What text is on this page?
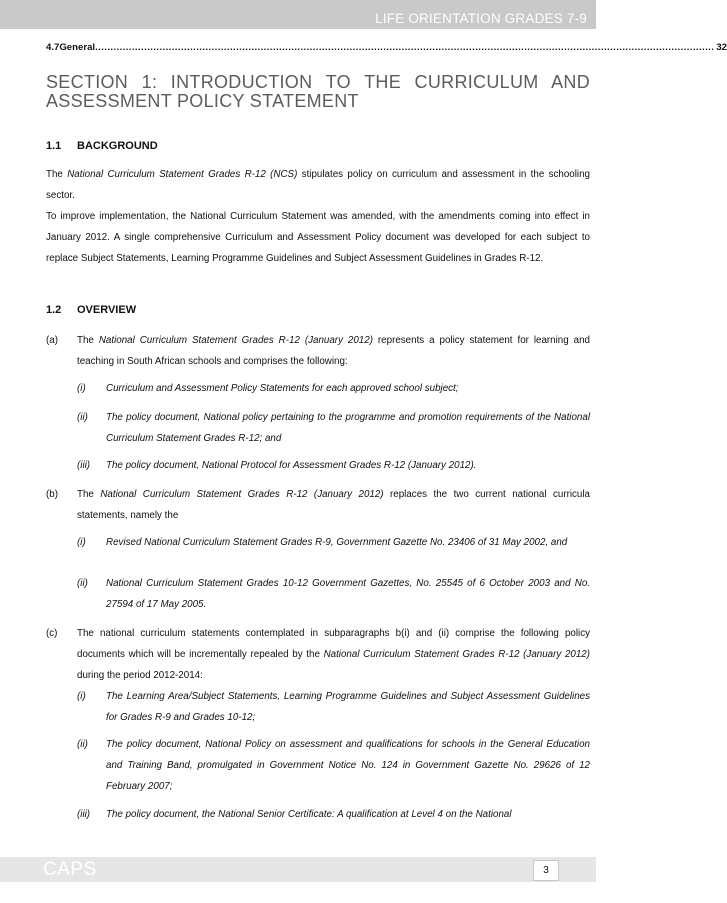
LIFE ORIENTATION GRADES 7-9
4.7 General .......................................................................................................................................................................................................... 32
SECTION 1: INTRODUCTION TO THE CURRICULUM AND ASSESSMENT POLICY STATEMENT
1.1	BACKGROUND
The National Curriculum Statement Grades R-12 (NCS) stipulates policy on curriculum and assessment in the schooling sector.
To improve implementation, the National Curriculum Statement was amended, with the amendments coming into effect in January 2012. A single comprehensive Curriculum and Assessment Policy document was developed for each subject to replace Subject Statements, Learning Programme Guidelines and Subject Assessment Guidelines in Grades R-12.
1.2	OVERVIEW
(a)	The National Curriculum Statement Grades R-12 (January 2012) represents a policy statement for learning and teaching in South African schools and comprises the following:
(i)	Curriculum and Assessment Policy Statements for each approved school subject;
(ii)	The policy document, National policy pertaining to the programme and promotion requirements of the National Curriculum Statement Grades R-12; and
(iii)	The policy document, National Protocol for Assessment Grades R-12 (January 2012).
(b)	The National Curriculum Statement Grades R-12 (January 2012) replaces the two current national curricula statements, namely the
(i)	Revised National Curriculum Statement Grades R-9, Government Gazette No. 23406 of 31 May 2002, and
(ii)	National Curriculum Statement Grades 10-12 Government Gazettes, No. 25545 of 6 October 2003 and No. 27594 of 17 May 2005.
(c)	The national curriculum statements contemplated in subparagraphs b(i) and (ii) comprise the following policy documents which will be incrementally repealed by the National Curriculum Statement Grades R-12 (January 2012) during the period 2012-2014:
(i)	The Learning Area/Subject Statements, Learning Programme Guidelines and Subject Assessment Guidelines for Grades R-9 and Grades 10-12;
(ii)	The policy document, National Policy on assessment and qualifications for schools in the General Education and Training Band, promulgated in Government Notice No. 124 in Government Gazette No. 29626 of 12 February 2007;
(iii)	The policy document, the National Senior Certificate: A qualification at Level 4 on the National
CAPS	3
